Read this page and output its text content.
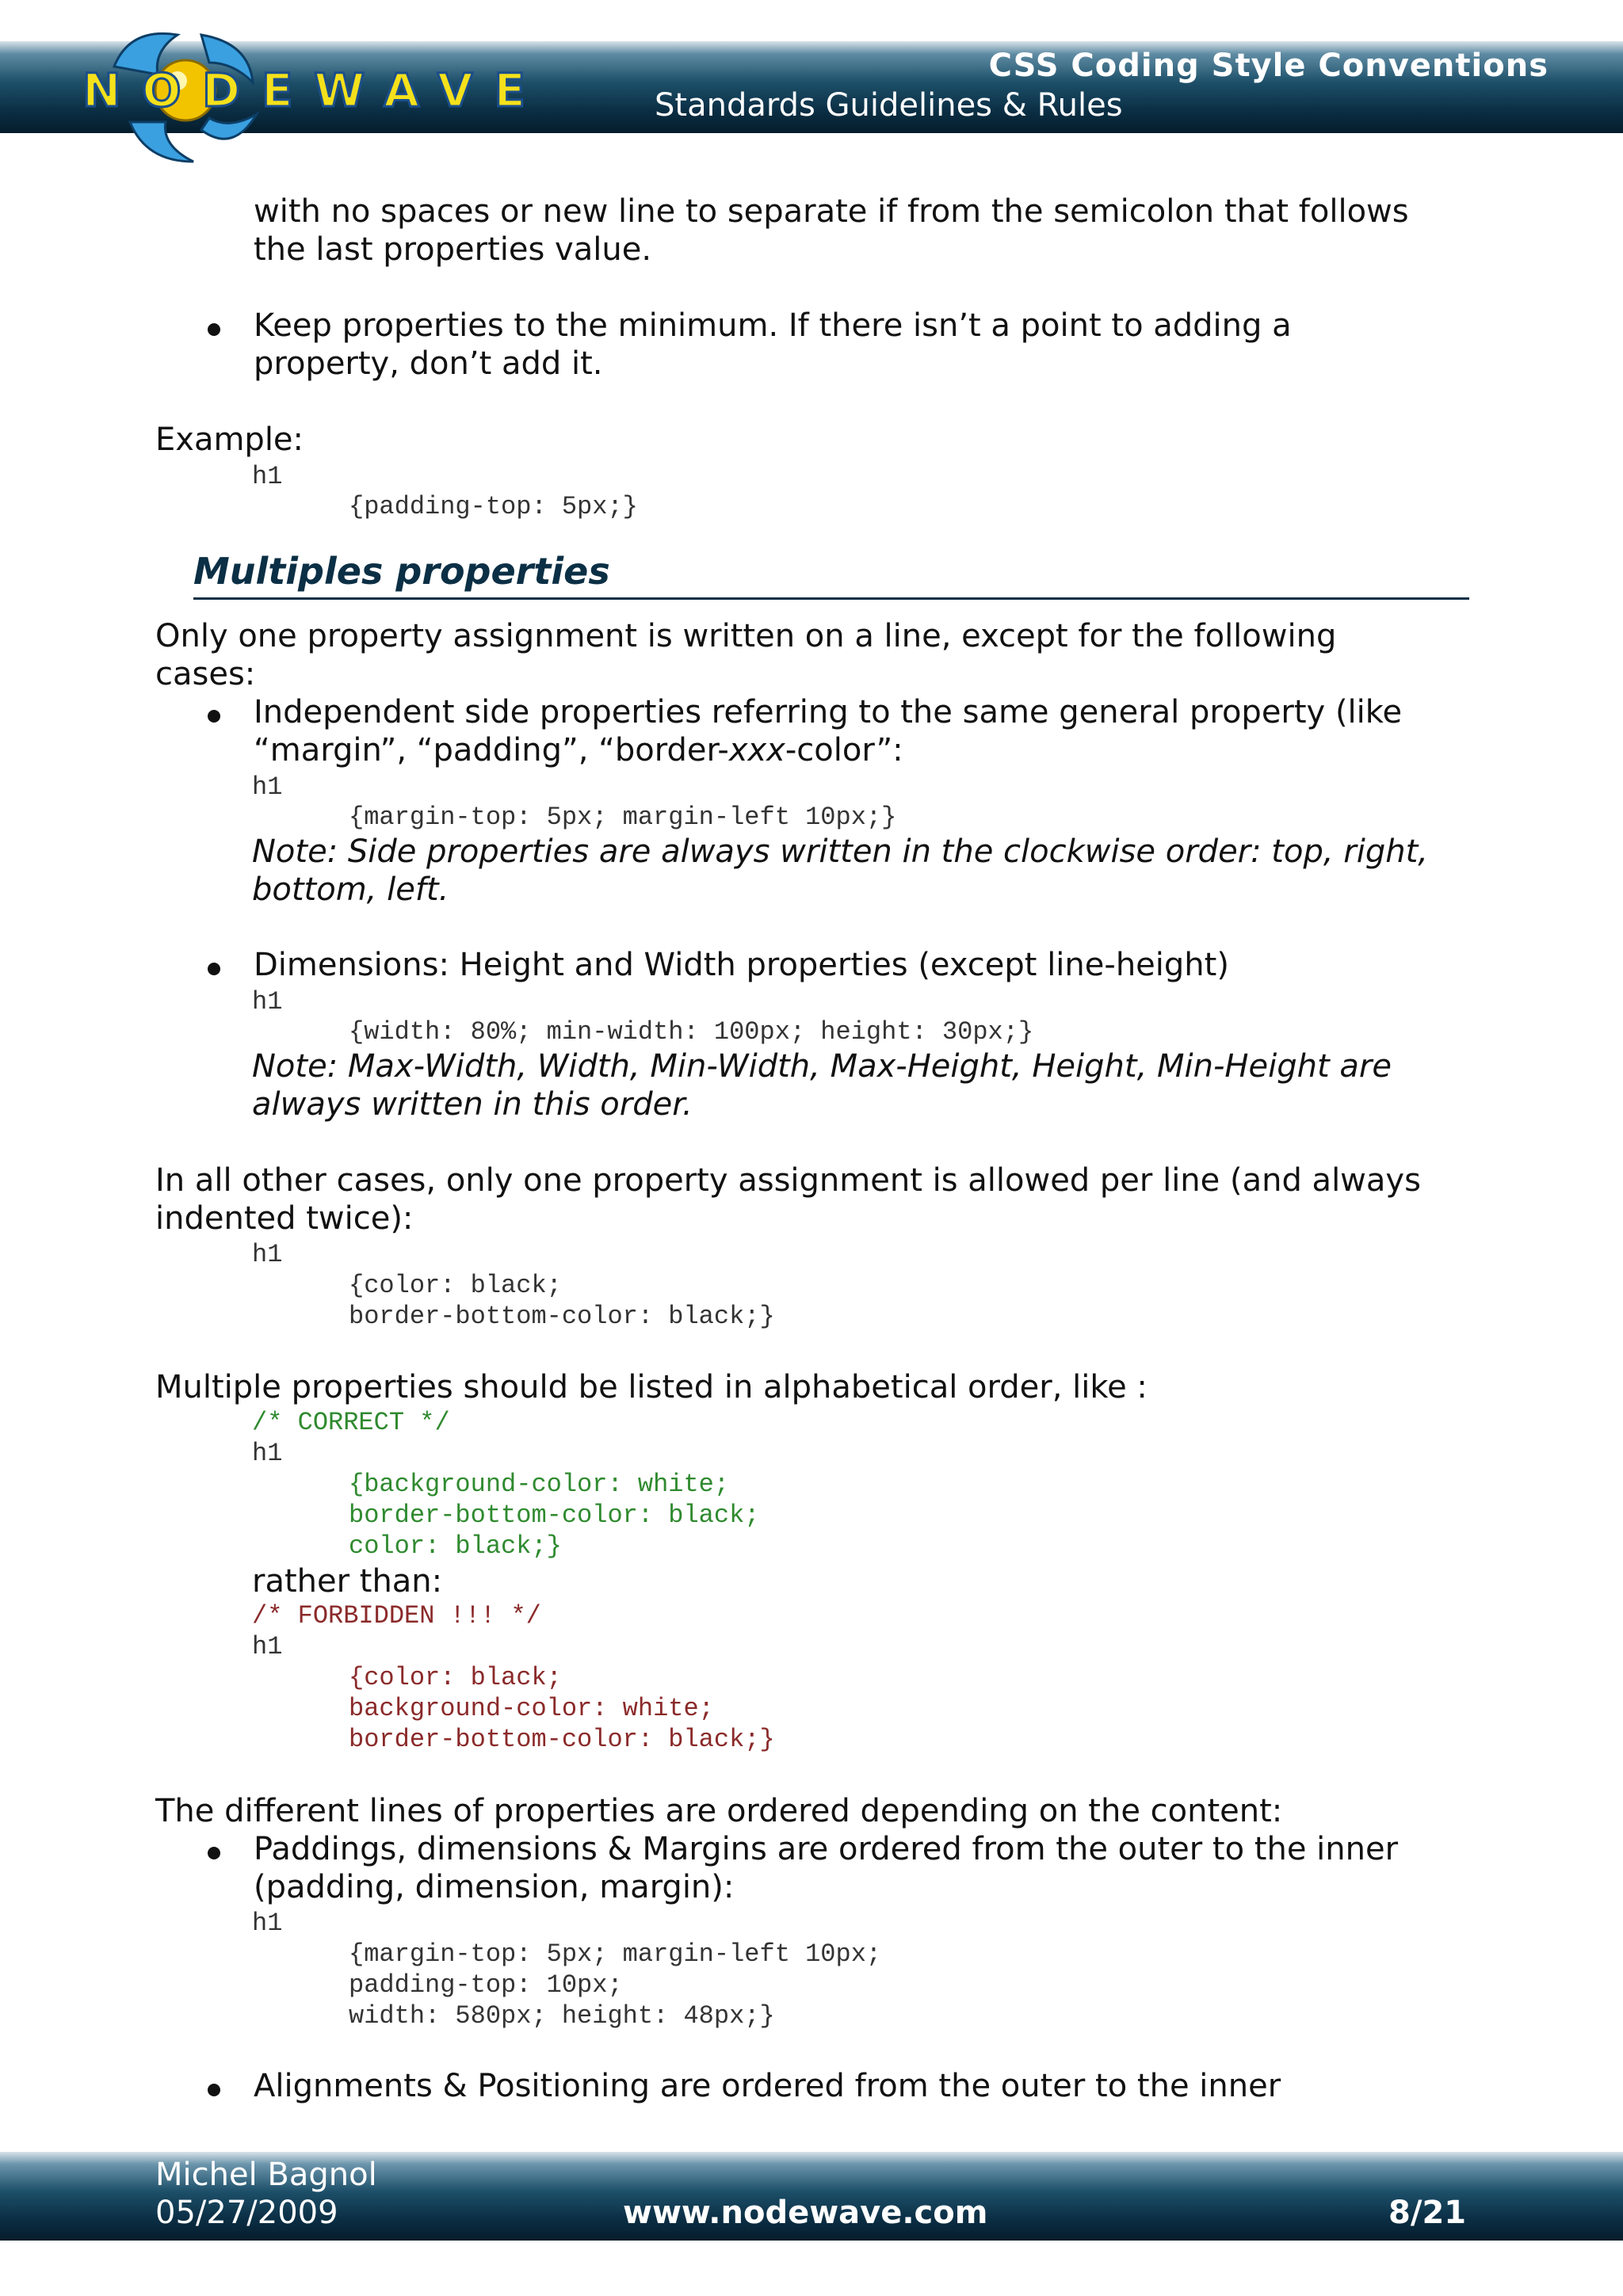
NODEWAVE	CSS Coding Style Conventions
Standards Guidelines & Rules
with no spaces or new line to separate if from the semicolon that follows
the last properties value.
Keep properties to the minimum. If there isn’t a point to adding a
property, don’t add it.
Example:
h1
{padding-top: 5px;}
Multiples properties
Only one property assignment is written on a line, except for the following
cases:
Independent side properties referring to the same general property (like
“margin”, “padding”, “border-xxx-color”:
h1
{margin-top: 5px; margin-left 10px;}
Note: Side properties are always written in the clockwise order: top, right,
bottom, left.
Dimensions: Height and Width properties (except line-height)
h1
{width: 80%; min-width: 100px; height: 30px;}
Note: Max-Width, Width, Min-Width, Max-Height, Height, Min-Height are
always written in this order.
In all other cases, only one property assignment is allowed per line (and always
indented twice):
h1
{color: black;
border-bottom-color: black;}
Multiple properties should be listed in alphabetical order, like :
/* CORRECT */
h1
{background-color: white;
border-bottom-color: black;
color: black;}
rather than:
/* FORBIDDEN !!! */
h1
{color: black;
background-color: white;
border-bottom-color: black;}
The different lines of properties are ordered depending on the content:
Paddings, dimensions & Margins are ordered from the outer to the inner
(padding, dimension, margin):
h1
{margin-top: 5px; margin-left 10px;
padding-top: 10px;
width: 580px; height: 48px;}
Alignments & Positioning are ordered from the outer to the inner
Michel Bagnol
05/27/2009	www.nodewave.com	8/21
